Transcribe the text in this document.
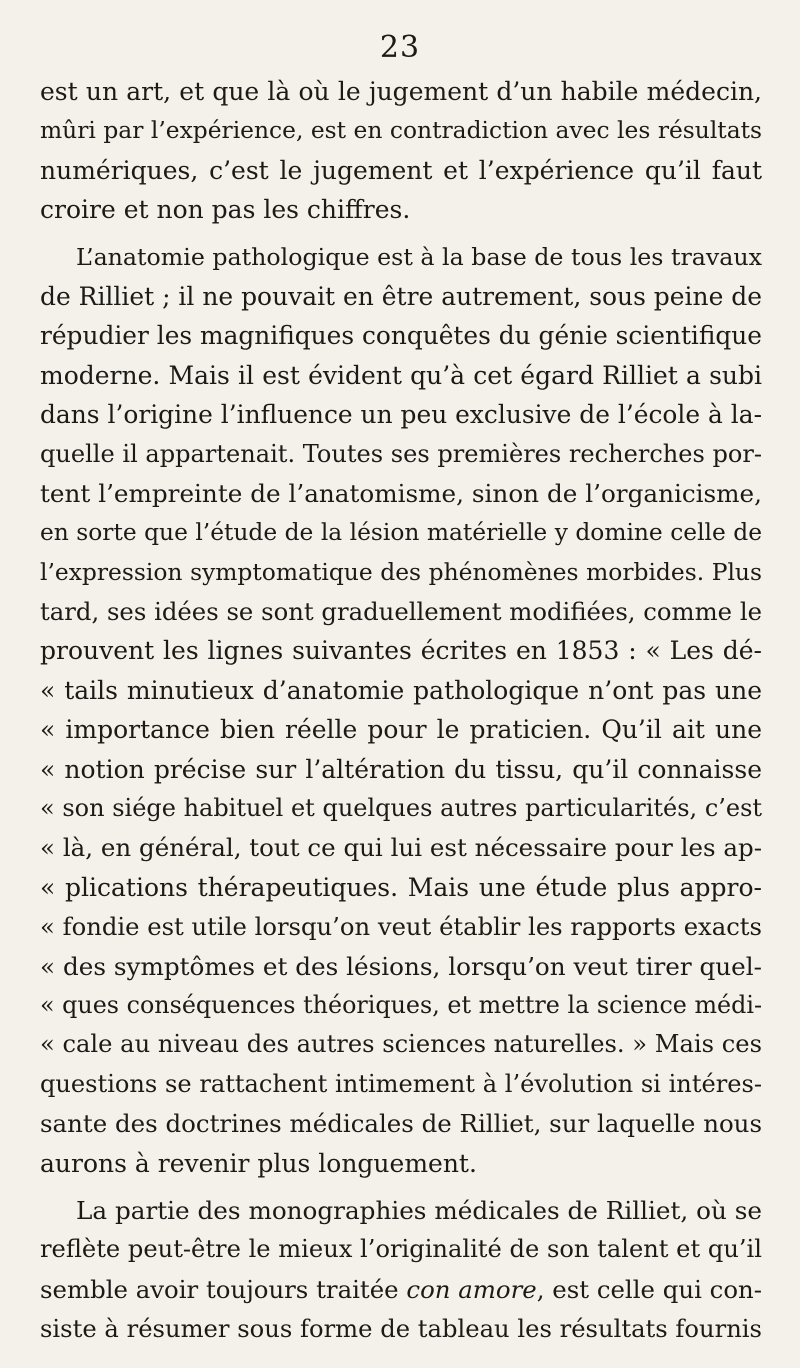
23
est un art, et que là où le jugement d’un habile médecin,
mûri par l’expérience, est en contradiction avec les résultats
numériques, c’est le jugement et l’expérience qu’il faut
croire et non pas les chiffres.
L’anatomie pathologique est à la base de tous les travaux
de Rilliet ; il ne pouvait en être autrement, sous peine de
répudier les magnifiques conquêtes du génie scientifique
moderne. Mais il est évident qu’à cet égard Rilliet a subi
dans l’origine l’influence un peu exclusive de l’école à la-
quelle il appartenait. Toutes ses premières recherches por-
tent l’empreinte de l’anatomisme, sinon de l’organicisme,
en sorte que l’étude de la lésion matérielle y domine celle de
l’expression symptomatique des phénomènes morbides. Plus
tard, ses idées se sont graduellement modifiées, comme le
prouvent les lignes suivantes écrites en 1853 : « Les dé-
« tails minutieux d’anatomie pathologique n’ont pas une
« importance bien réelle pour le praticien. Qu’il ait une
« notion précise sur l’altération du tissu, qu’il connaisse
« son siége habituel et quelques autres particularités, c’est
« là, en général, tout ce qui lui est nécessaire pour les ap-
« plications thérapeutiques. Mais une étude plus appro-
« fondie est utile lorsqu’on veut établir les rapports exacts
« des symptômes et des lésions, lorsqu’on veut tirer quel-
« ques conséquences théoriques, et mettre la science médi-
« cale au niveau des autres sciences naturelles. » Mais ces
questions se rattachent intimement à l’évolution si intéres-
sante des doctrines médicales de Rilliet, sur laquelle nous
aurons à revenir plus longuement.
La partie des monographies médicales de Rilliet, où se
reflète peut-être le mieux l’originalité de son talent et qu’il
semble avoir toujours traitée con amore, est celle qui con-
siste à résumer sous forme de tableau les résultats fournis
